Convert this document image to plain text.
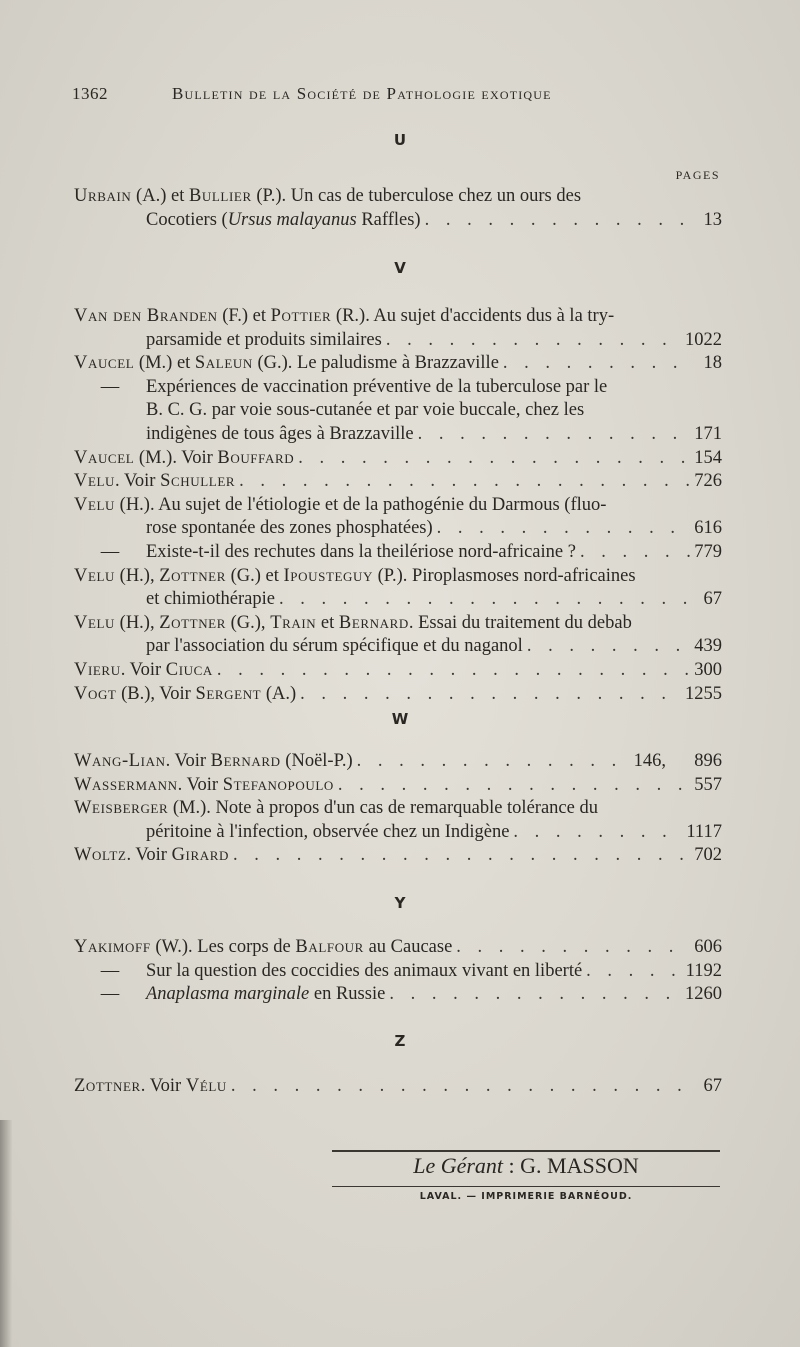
1362	Bulletin de la Société de Pathologie exotique
U
PAGES
Urbain (A.) et Bullier (P.). Un cas de tuberculose chez un ours des
Cocotiers (Ursus malayanus Raffles) . . .	13
V
Van den Branden (F.) et Pottier (R.). Au sujet d'accidents dus à la try-
parsamide et produits similaires . . .	1022
Vaucel (M.) et Saleun (G.). Le paludisme à Brazzaville . . .	18
—	Expériences de vaccination préventive de la tuberculose par le
B. C. G. par voie sous-cutanée et par voie buccale, chez les
indigènes de tous âges à Brazzaville . . .	171
Vaucel (M.). Voir Bouffard . . .	154
Velu. Voir Schuller . . .	726
Velu (H.). Au sujet de l'étiologie et de la pathogénie du Darmous (fluo-
rose spontanée des zones phosphatées) . . .	616
—	Existe-t-il des rechutes dans la theilériose nord-africaine ? . . .	779
Velu (H.), Zottner (G.) et Ipousteguy (P.). Piroplasmoses nord-africaines
et chimiothérapie . . .	67
Velu (H.), Zottner (G.), Train et Bernard. Essai du traitement du debab
par l'association du sérum spécifique et du naganol . . .	439
Vieru. Voir Ciuca . . .	300
Vogt (B.), Voir Sergent (A.) . . .	1255
W
Wang-Lian. Voir Bernard (Noël-P.) . . .	146,	896
Wassermann. Voir Stefanopoulo . . .	557
Weisberger (M.). Note à propos d'un cas de remarquable tolérance du
péritoine à l'infection, observée chez un Indigène . . .	1117
Woltz. Voir Girard . . .	702
Y
Yakimoff (W.). Les corps de Balfour au Caucase . . .	606
—	Sur la question des coccidies des animaux vivant en liberté . . .	1192
—	Anaplasma marginale en Russie . . .	1260
Z
Zottner. Voir Vélu . . .	67
Le Gérant : G. MASSON
LAVAL. — IMPRIMERIE BARNÉOUD.
